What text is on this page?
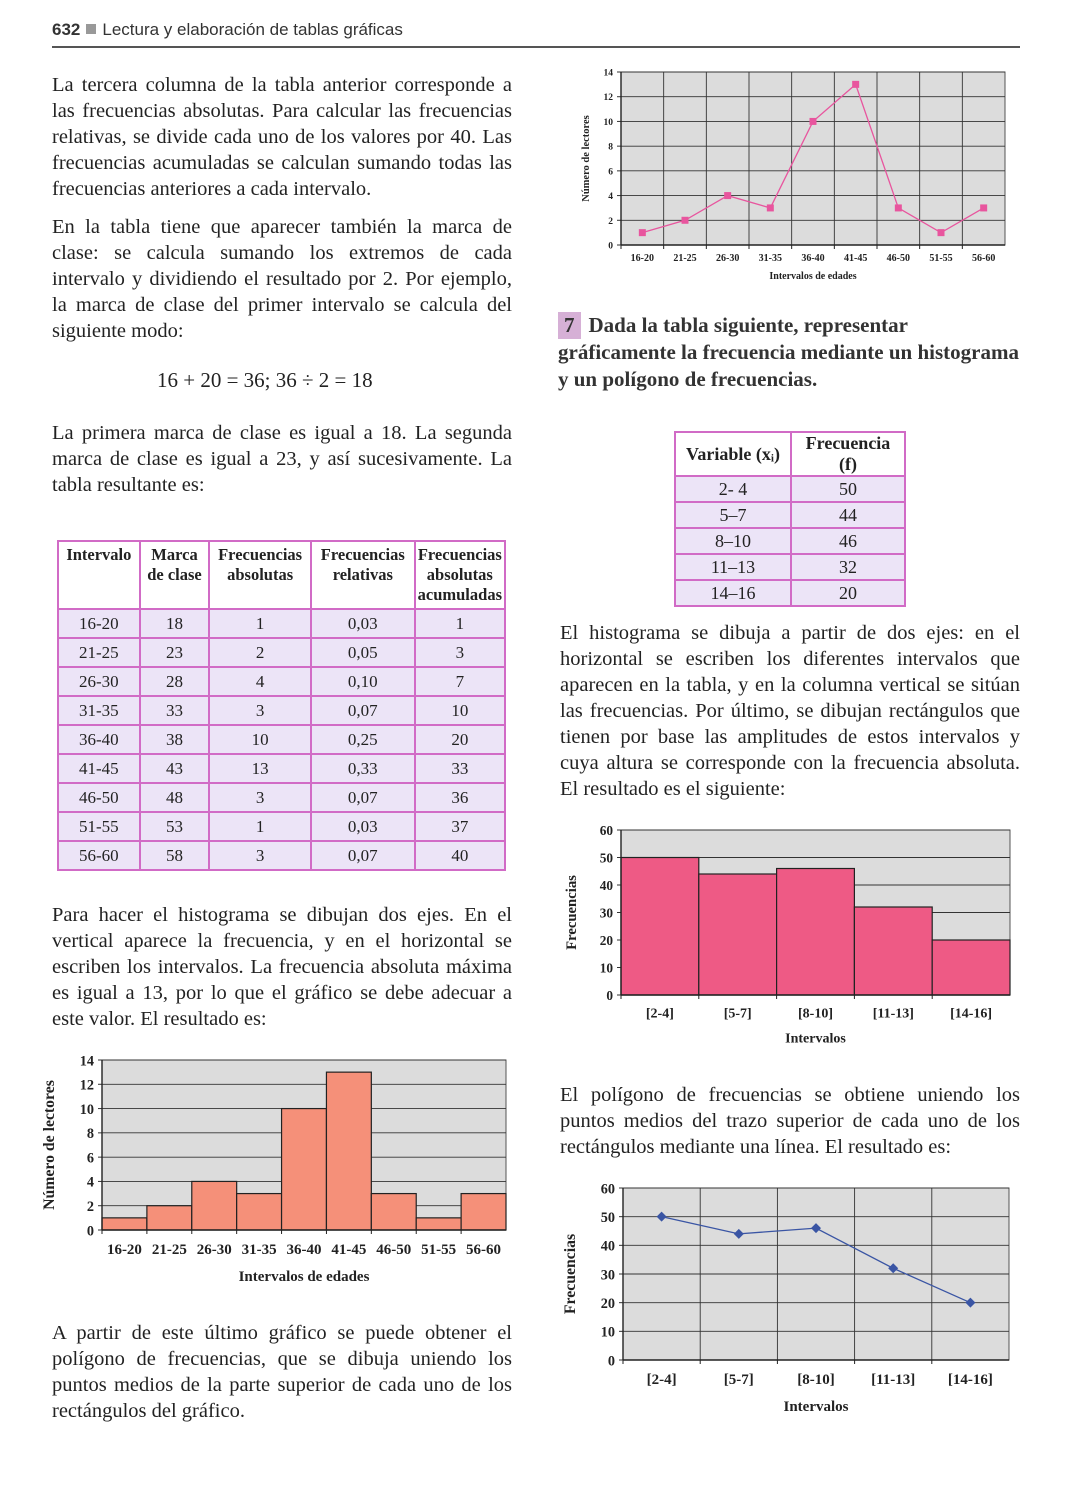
632 Lectura y elaboración de tablas gráficas

La tercera columna de la tabla anterior corresponde a las frecuencias absolutas. Para calcular las frecuencias relativas, se divide cada uno de los valores por 40. Las frecuencias acumuladas se calculan sumando todas las frecuencias anteriores a cada intervalo.

En la tabla tiene que aparecer también la marca de clase: se calcula sumando los extremos de cada intervalo y dividiendo el resultado por 2. Por ejemplo, la marca de clase del primer intervalo se calcula del siguiente modo:

16 + 20 = 36; 36 ÷ 2 = 18

La primera marca de clase es igual a 18. La segunda marca de clase es igual a 23, y así sucesivamente. La tabla resultante es:

Intervalo	Marca de clase	Frecuencias absolutas	Frecuencias relativas	Frecuencias absolutas acumuladas
16-20	18	1	0,03	1
21-25	23	2	0,05	3
26-30	28	4	0,10	7
31-35	33	3	0,07	10
36-40	38	10	0,25	20
41-45	43	13	0,33	33
46-50	48	3	0,07	36
51-55	53	1	0,03	37
56-60	58	3	0,07	40

Para hacer el histograma se dibujan dos ejes. En el vertical aparece la frecuencia, y en el horizontal se escriben los intervalos. La frecuencia absoluta máxima es igual a 13, por lo que el gráfico se debe adecuar a este valor. El resultado es:

0
2
4
6
8
10
12
14
16-20 21-25 26-30 31-35 36-40 41-45 46-50 51-55 56-60
Intervalos de edades
Número de lectores

A partir de este último gráfico se puede obtener el polígono de frecuencias, que se dibuja uniendo los puntos medios de la parte superior de cada uno de los rectángulos del gráfico.

0
2
4
6
8
10
12
14
16-20 21-25 26-30 31-35 36-40 41-45 46-50 51-55 56-60
Intervalos de edades
Número de lectores

7 Dada la tabla siguiente, representar gráficamente la frecuencia mediante un histograma y un polígono de frecuencias.

Variable (xᵢ)	Frecuencia (f)
2- 4	50
5–7	44
8–10	46
11–13	32
14–16	20

El histograma se dibuja a partir de dos ejes: en el horizontal se escriben los diferentes intervalos que aparecen en la tabla, y en la columna vertical se sitúan las frecuencias. Por último, se dibujan rectángulos que tienen por base las amplitudes de estos intervalos y cuya altura se corresponde con la frecuencia absoluta. El resultado es el siguiente:

0
10
20
30
40
50
60
[2-4]	[5-7]	[8-10]	[11-13]	[14-16]
Intervalos
Frecuencias

El polígono de frecuencias se obtiene uniendo los puntos medios del trazo superior de cada uno de los rectángulos mediante una línea. El resultado es:

0
10
20
30
40
50
60
[2-4]	[5-7]	[8-10] [11-13] [14-16]
Intervalos
Frecuencias
